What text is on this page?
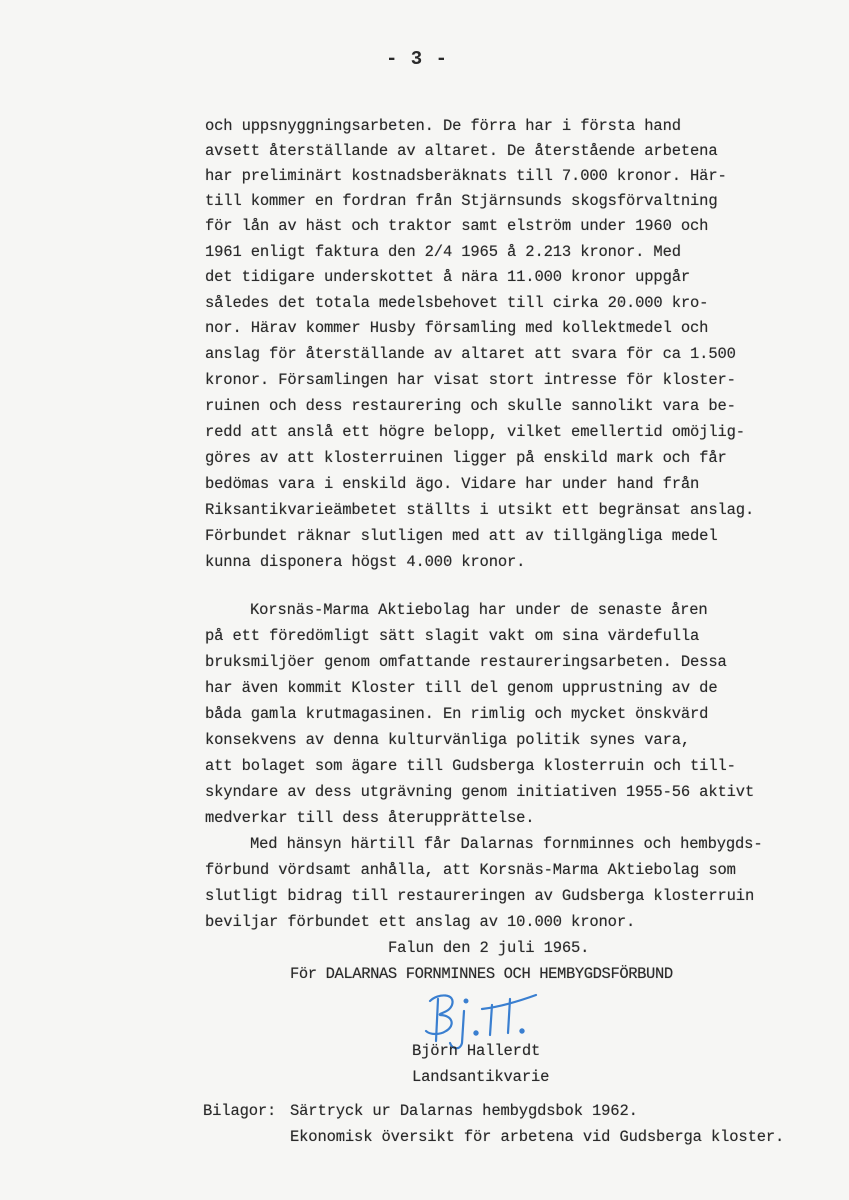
- 3 -
och uppsnyggningsarbeten. De förra har i första hand
avsett återställande av altaret. De återstående arbetena
har preliminärt kostnadsberäknats till 7.000 kronor. Här-
till kommer en fordran från Stjärnsunds skogsförvaltning
för lån av häst och traktor samt elström under 1960 och
1961 enligt faktura den 2/4 1965 å 2.213 kronor. Med
det tidigare underskottet å nära 11.000 kronor uppgår
således det totala medelsbehovet till cirka 20.000 kro-
nor. Härav kommer Husby församling med kollektmedel och
anslag för återställande av altaret att svara för ca 1.500
kronor. Församlingen har visat stort intresse för kloster-
ruinen och dess restaurering och skulle sannolikt vara be-
redd att anslå ett högre belopp, vilket emellertid omöjlig-
göres av att klosterruinen ligger på enskild mark och får
bedömas vara i enskild ägo. Vidare har under hand från
Riksantikvarieämbetet ställts i utsikt ett begränsat anslag.
Förbundet räknar slutligen med att av tillgängliga medel
kunna disponera högst 4.000 kronor.
Korsnäs-Marma Aktiebolag har under de senaste åren
på ett föredömligt sätt slagit vakt om sina värdefulla
bruksmiljöer genom omfattande restaureringsarbeten. Dessa
har även kommit Kloster till del genom upprustning av de
båda gamla krutmagasinen. En rimlig och mycket önskvärd
konsekvens av denna kulturvänliga politik synes vara,
att bolaget som ägare till Gudsberga klosterruin och till-
skyndare av dess utgrävning genom initiativen 1955-56 aktivt
medverkar till dess återupprättelse.
Med hänsyn härtill får Dalarnas fornminnes och hembygds-
förbund vördsamt anhålla, att Korsnäs-Marma Aktiebolag som
slutligt bidrag till restaureringen av Gudsberga klosterruin
beviljar förbundet ett anslag av 10.000 kronor.
Falun den 2 juli 1965.
För DALARNAS FORNMINNES OCH HEMBYGDSFÖRBUND
Björn Hallerdt
Landsantikvarie
Bilagor: Särtryck ur Dalarnas hembygdsbok 1962.
Ekonomisk översikt för arbetena vid Gudsberga kloster.
